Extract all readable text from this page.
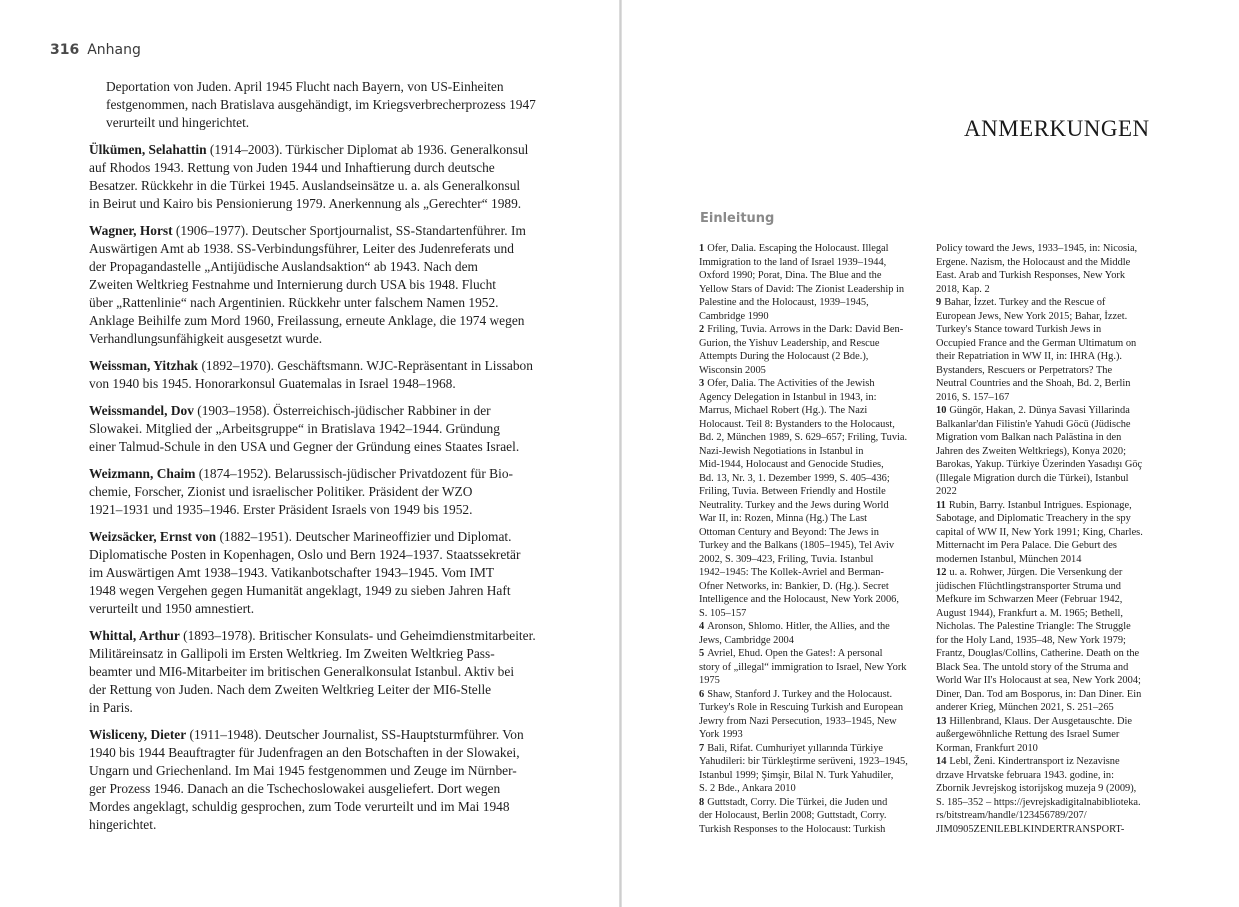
316 Anhang

Deportation von Juden. April 1945 Flucht nach Bayern, von US-Einheiten
festgenommen, nach Bratislava ausgehändigt, im Kriegsverbrecherprozess 1947
verurteilt und hingerichtet.

Ülkümen, Selahattin (1914–2003). Türkischer Diplomat ab 1936. Generalkonsul

auf Rhodos 1943. Rettung von Juden 1944 und Inhaftierung durch deutsche
Besatzer. Rückkehr in die Türkei 1945. Auslandseinsätze u. a. als Generalkonsul
in Beirut und Kairo bis Pensionierung 1979. Anerkennung als „Gerechter“ 1989.

Wagner, Horst (1906–1977). Deutscher Sportjournalist, SS-Standartenführer. Im

Auswärtigen Amt ab 1938. SS-Verbindungsführer, Leiter des Judenreferats und
der Propagandastelle „Antijüdische Auslandsaktion“ ab 1943. Nach dem
Zweiten Weltkrieg Festnahme und Internierung durch USA bis 1948. Flucht
über „Rattenlinie“ nach Argentinien. Rückkehr unter falschem Namen 1952.
Anklage Beihilfe zum Mord 1960, Freilassung, erneute Anklage, die 1974 wegen
Verhandlungsunfähigkeit ausgesetzt wurde.

Weissman, Yitzhak (1892–1970). Geschäftsmann. WJC-Repräsentant in Lissabon

von 1940 bis 1945. Honorarkonsul Guatemalas in Israel 1948–1968.

Weissmandel, Dov (1903–1958). Österreichisch-jüdischer Rabbiner in der

Slowakei. Mitglied der „Arbeitsgruppe“ in Bratislava 1942–1944. Gründung
einer Talmud-Schule in den USA und Gegner der Gründung eines Staates Israel.

Weizmann, Chaim (1874–1952). Belarussisch-jüdischer Privatdozent für Bio-

chemie, Forscher, Zionist und israelischer Politiker. Präsident der WZO
1921–1931 und 1935–1946. Erster Präsident Israels von 1949 bis 1952.

Weizsäcker, Ernst von (1882–1951). Deutscher Marineoffizier und Diplomat.

Diplomatische Posten in Kopenhagen, Oslo und Bern 1924–1937. Staatssekretär
im Auswärtigen Amt 1938–1943. Vatikanbotschafter 1943–1945. Vom IMT
1948 wegen Vergehen gegen Humanität angeklagt, 1949 zu sieben Jahren Haft
verurteilt und 1950 amnestiert.

Whittal, Arthur (1893–1978). Britischer Konsulats- und Geheimdienstmitarbeiter.

Militäreinsatz in Gallipoli im Ersten Weltkrieg. Im Zweiten Weltkrieg Pass-
beamter und MI6-Mitarbeiter im britischen Generalkonsulat Istanbul. Aktiv bei
der Rettung von Juden. Nach dem Zweiten Weltkrieg Leiter der MI6-Stelle
in Paris.

Wisliceny, Dieter (1911–1948). Deutscher Journalist, SS-Hauptsturmführer. Von

1940 bis 1944 Beauftragter für Judenfragen an den Botschaften in der Slowakei,
Ungarn und Griechenland. Im Mai 1945 festgenommen und Zeuge im Nürnber-
ger Prozess 1946. Danach an die Tschechoslowakei ausgeliefert. Dort wegen
Mordes angeklagt, schuldig gesprochen, zum Tode verurteilt und im Mai 1948
hingerichtet.

ANMERKUNGEN
Einleitung
1 Ofer, Dalia. Escaping the Holocaust. Illegal
Immigration to the land of Israel 1939–1944,
Oxford 1990; Porat, Dina. The Blue and the
Yellow Stars of David: The Zionist Leadership in
Palestine and the Holocaust, 1939–1945,
Cambridge 1990
2 Friling, Tuvia. Arrows in the Dark: David Ben-
Gurion, the Yishuv Leadership, and Rescue
Attempts During the Holocaust (2 Bde.),
Wisconsin 2005
3 Ofer, Dalia. The Activities of the Jewish
Agency Delegation in Istanbul in 1943, in:
Marrus, Michael Robert (Hg.). The Nazi
Holocaust. Teil 8: Bystanders to the Holocaust,
Bd. 2, München 1989, S. 629–657; Friling, Tuvia.
Nazi-Jewish Negotiations in Istanbul in
Mid-1944, Holocaust and Genocide Studies,
Bd. 13, Nr. 3, 1. Dezember 1999, S. 405–436;
Friling, Tuvia. Between Friendly and Hostile
Neutrality. Turkey and the Jews during World
War II, in: Rozen, Minna (Hg.) The Last
Ottoman Century and Beyond: The Jews in
Turkey and the Balkans (1805–1945), Tel Aviv
2002, S. 309–423, Friling, Tuvia. Istanbul
1942–1945: The Kollek-Avriel and Berman-
Ofner Networks, in: Bankier, D. (Hg.). Secret
Intelligence and the Holocaust, New York 2006,
S. 105–157
4 Aronson, Shlomo. Hitler, the Allies, and the
Jews, Cambridge 2004
5 Avriel, Ehud. Open the Gates!: A personal
story of „illegal“ immigration to Israel, New York
1975
6 Shaw, Stanford J. Turkey and the Holocaust.
Turkey's Role in Rescuing Turkish and European
Jewry from Nazi Persecution, 1933–1945, New
York 1993
7 Bali, Rifat. Cumhuriyet yıllarında Türkiye
Yahudileri: bir Türkleştirme serüveni, 1923–1945,
Istanbul 1999; Şimşir, Bilal N. Turk Yahudiler,
S. 2 Bde., Ankara 2010
8 Guttstadt, Corry. Die Türkei, die Juden und
der Holocaust, Berlin 2008; Guttstadt, Corry.
Turkish Responses to the Holocaust: Turkish
Policy toward the Jews, 1933–1945, in: Nicosia,
Ergene. Nazism, the Holocaust and the Middle
East. Arab and Turkish Responses, New York
2018, Kap. 2
9 Bahar, İzzet. Turkey and the Rescue of
European Jews, New York 2015; Bahar, İzzet.
Turkey's Stance toward Turkish Jews in
Occupied France and the German Ultimatum on
their Repatriation in WW II, in: IHRA (Hg.).
Bystanders, Rescuers or Perpetrators? The
Neutral Countries and the Shoah, Bd. 2, Berlin
2016, S. 157–167
10 Güngör, Hakan, 2. Dünya Savasi Yillarinda
Balkanlar'dan Filistin'e Yahudi Göcü (Jüdische
Migration vom Balkan nach Palästina in den
Jahren des Zweiten Weltkriegs), Konya 2020;
Barokas, Yakup. Türkiye Üzerinden Yasadışı Göç
(Illegale Migration durch die Türkei), Istanbul
2022
11 Rubin, Barry. Istanbul Intrigues. Espionage,
Sabotage, and Diplomatic Treachery in the spy
capital of WW II, New York 1991; King, Charles.
Mitternacht im Pera Palace. Die Geburt des
modernen Istanbul, München 2014
12 u. a. Rohwer, Jürgen. Die Versenkung der
jüdischen Flüchtlingstransporter Struma und
Mefkure im Schwarzen Meer (Februar 1942,
August 1944), Frankfurt a. M. 1965; Bethell,
Nicholas. The Palestine Triangle: The Struggle
for the Holy Land, 1935–48, New York 1979;
Frantz, Douglas/Collins, Catherine. Death on the
Black Sea. The untold story of the Struma and
World War II's Holocaust at sea, New York 2004;
Diner, Dan. Tod am Bosporus, in: Dan Diner. Ein
anderer Krieg, München 2021, S. 251–265
13 Hillenbrand, Klaus. Der Ausgetauschte. Die
außergewöhnliche Rettung des Israel Sumer
Korman, Frankfurt 2010
14 Lebl, Ženi. Kindertransport iz Nezavisne
drzave Hrvatske februara 1943. godine, in:
Zbornik Jevrejskog istorijskog muzeja 9 (2009),
S. 185–352 – https://jevrejskadigitalnabiblioteka.
rs/bitstream/handle/123456789/207/
JIM0905ZENILEBLKINDERTRANSPORT-
